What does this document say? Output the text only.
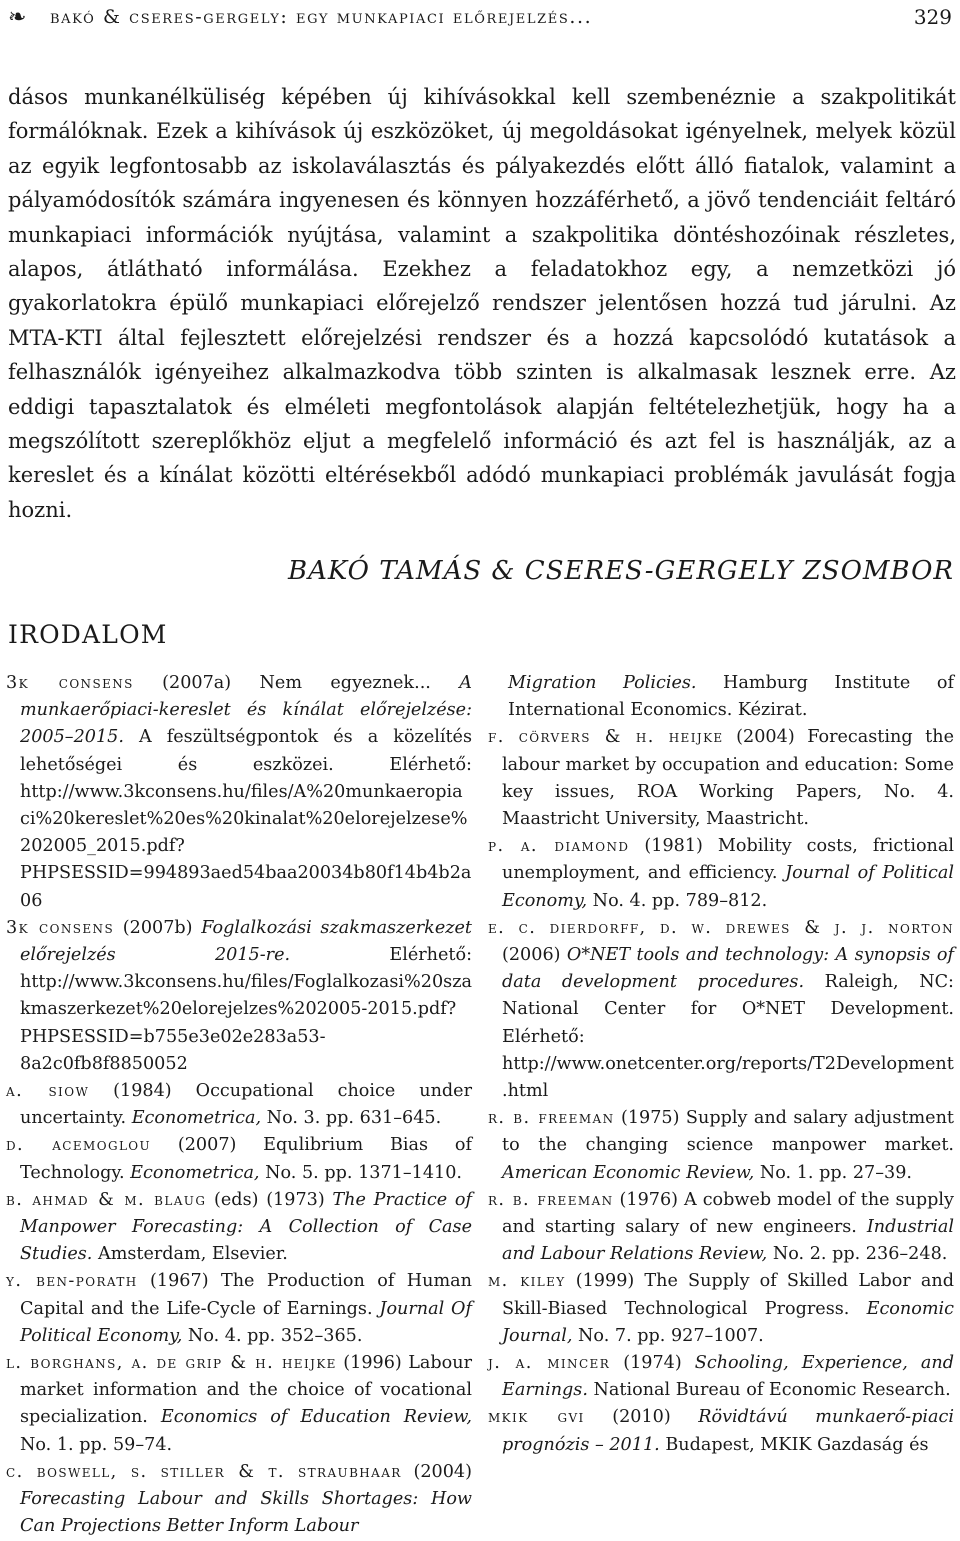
❧	bakó & cseres-gergely: egy munkapiaci előrejelzés...	329

dásos munkanélküliség képében új kihívásokkal kell szembenéznie a szakpolitikát formálóknak. Ezek a kihívások új eszközöket, új megoldásokat igényelnek, melyek közül az egyik legfontosabb az iskolaválasztás és pályakezdés előtt álló fiatalok, valamint a pályamódosítók számára ingyenesen és könnyen hozzáférhető, a jövő tendenciáit feltáró munkapiaci információk nyújtása, valamint a szakpolitika döntéshozóinak részletes, alapos, átlátható informálása. Ezekhez a feladatokhoz egy, a nemzetközi jó gyakorlatokra épülő munkapiaci előrejelző rendszer jelentősen hozzá tud járulni. Az MTA-KTI által fejlesztett előrejelzési rendszer és a hozzá kapcsolódó kutatások a felhasználók igényeihez alkalmazkodva több szinten is alkalmasak lesznek erre. Az eddigi tapasztalatok és elméleti megfontolások alapján feltételezhetjük, hogy ha a megszólított szereplőkhöz eljut a megfelelő információ és azt fel is használják, az a kereslet és a kínálat közötti eltérésekből adódó munkapiaci problémák javulását fogja hozni.

BAKÓ TAMÁS & CSERES-GERGELY ZSOMBOR

IRODALOM

3k consens (2007a) Nem egyeznek... A munkaerőpiaci-kereslet és kínálat előrejelzése: 2005–2015. A feszültségpontok és a közelítés lehetőségei és eszközei. Elérhető: http://www.3kconsens.hu/files/A%20munkaeropiaci%20kereslet%20es%20kinalat%20elorejelzese%202005_2015.pdf?PHPSESSID=994893aed54baa20034b80f14b4b2a06

3k consens (2007b) Foglalkozási szakmaszerkezet előrejelzés 2015-re. Elérhető: http://www.3kconsens.hu/files/Foglalkozasi%20szakmaszerkezet%20elorejelzes%202005-2015.pdf?PHPSESSID=b755e3e02e283a53-8a2c0fb8f8850052

a. siow (1984) Occupational choice under uncertainty. Econometrica, No. 3. pp. 631–645.

d. acemoglou (2007) Equlibrium Bias of Technology. Econometrica, No. 5. pp. 1371–1410.

b. ahmad & m. blaug (eds) (1973) The Practice of Manpower Forecasting: A Collection of Case Studies. Amsterdam, Elsevier.

y. ben-porath (1967) The Production of Human Capital and the Life-Cycle of Earnings. Journal Of Political Economy, No. 4. pp. 352–365.

l. borghans, a. de grip & h. heijke (1996) Labour market information and the choice of vocational specialization. Economics of Education Review, No. 1. pp. 59–74.

c. boswell, s. stiller & t. straubhaar (2004) Forecasting Labour and Skills Shortages: How Can Projections Better Inform Labour

Migration Policies. Hamburg Institute of International Economics. Kézirat.

f. cörvers & h. heijke (2004) Forecasting the labour market by occupation and education: Some key issues, ROA Working Papers, No. 4. Maastricht University, Maastricht.

p. a. diamond (1981) Mobility costs, frictional unemployment, and efficiency. Journal of Political Economy, No. 4. pp. 789–812.

e. c. dierdorff, d. w. drewes & j. j. norton (2006) O*NET tools and technology: A synopsis of data development procedures. Raleigh, NC: National Center for O*NET Development. Elérhető: http://www.onetcenter.org/reports/T2Development.html

r. b. freeman (1975) Supply and salary adjustment to the changing science manpower market. American Economic Review, No. 1. pp. 27–39.

r. b. freeman (1976) A cobweb model of the supply and starting salary of new engineers. Industrial and Labour Relations Review, No. 2. pp. 236–248.

m. kiley (1999) The Supply of Skilled Labor and Skill-Biased Technological Progress. Economic Journal, No. 7. pp. 927–1007.

j. a. mincer (1974) Schooling, Experience, and Earnings. National Bureau of Economic Research.

mkik gvi (2010) Rövidtávú munkaerő-piaci prognózis – 2011. Budapest, MKIK Gazdaság és
